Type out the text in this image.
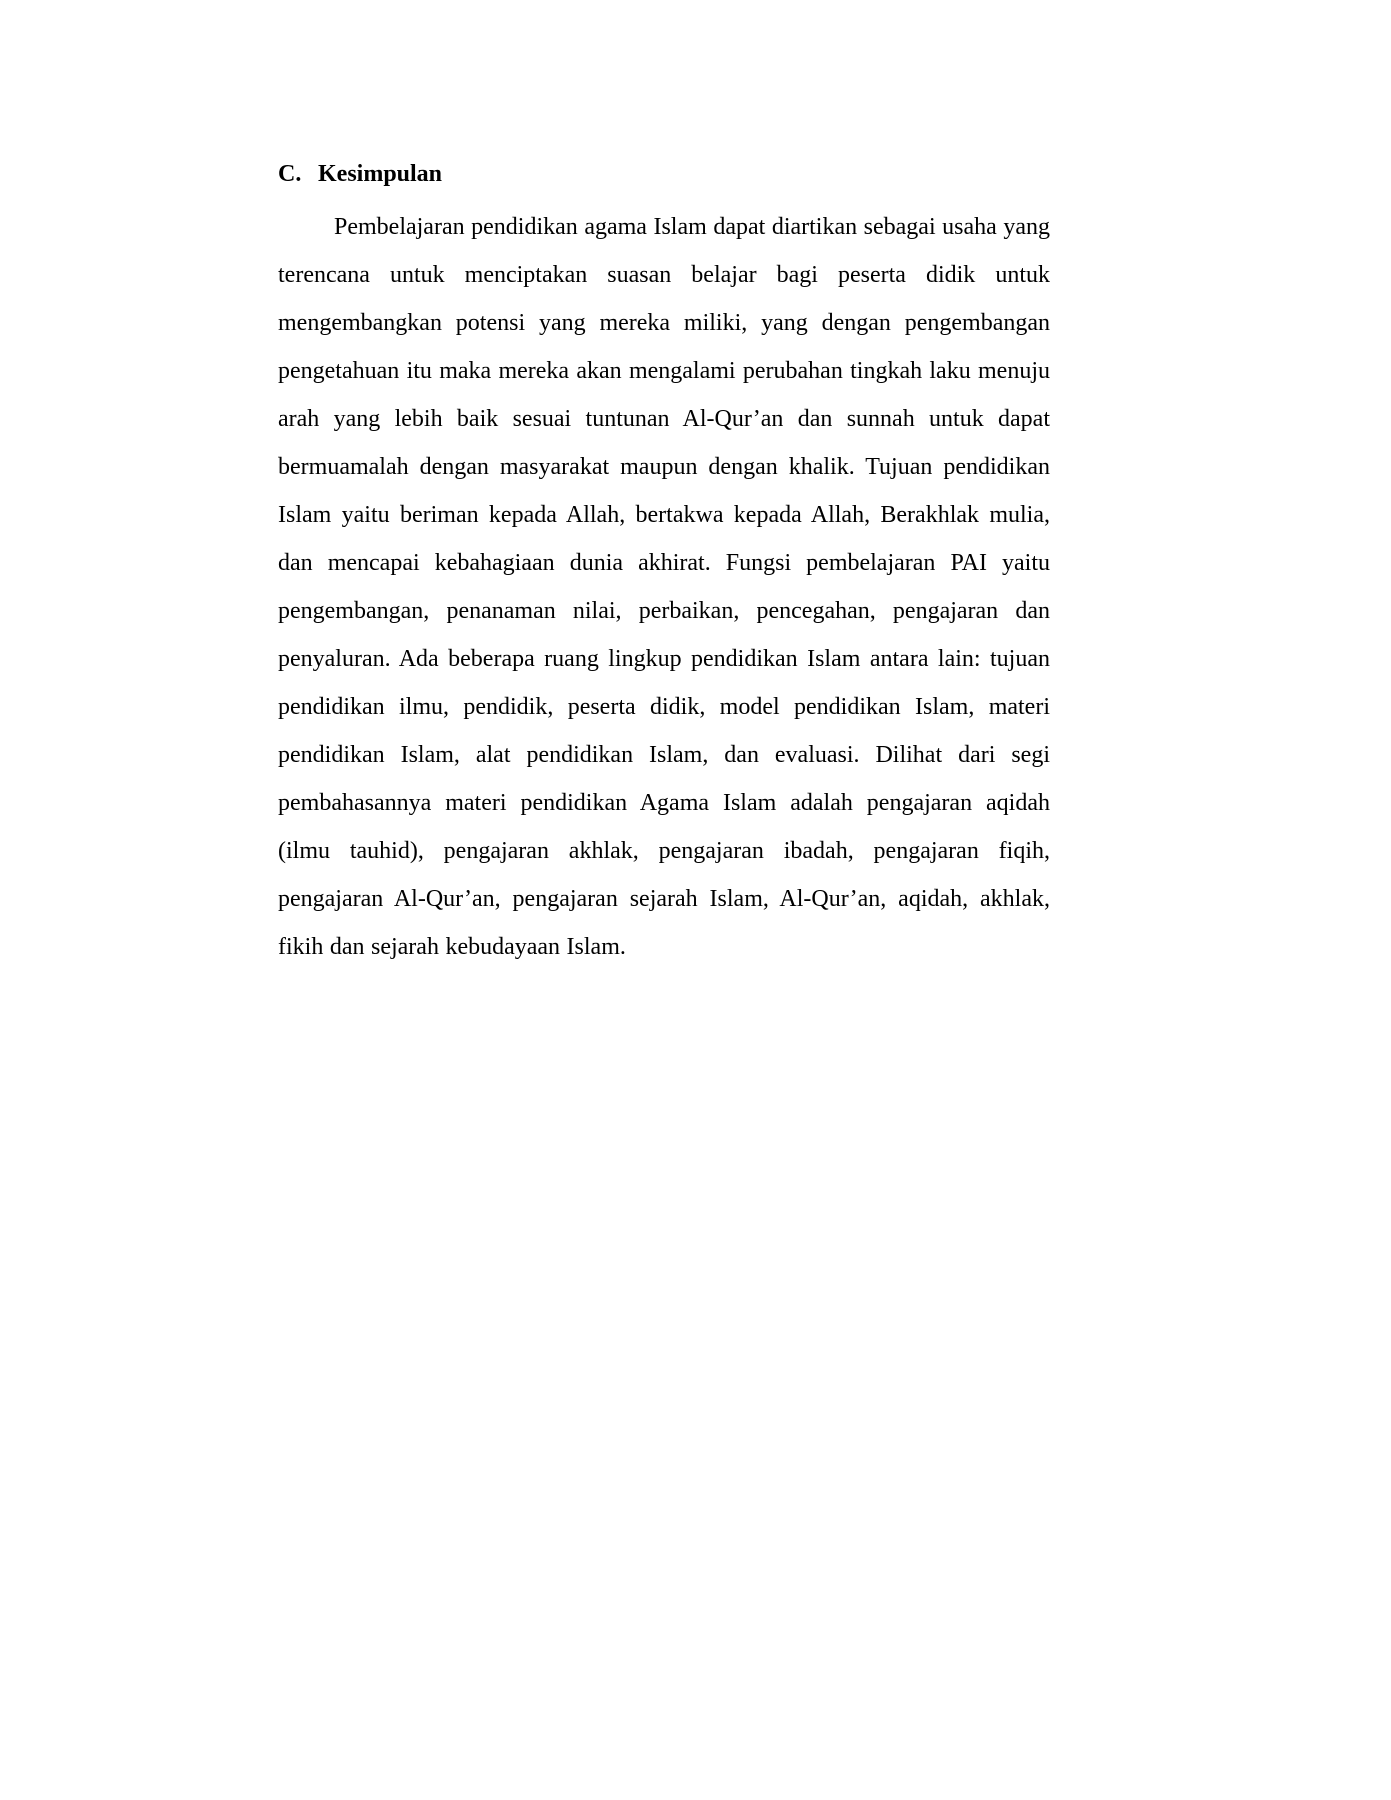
C. Kesimpulan

Pembelajaran pendidikan agama Islam dapat diartikan sebagai usaha yang terencana untuk menciptakan suasan belajar bagi peserta didik untuk mengembangkan potensi yang mereka miliki, yang dengan pengembangan pengetahuan itu maka mereka akan mengalami perubahan tingkah laku menuju arah yang lebih baik sesuai tuntunan Al-Qur’an dan sunnah untuk dapat bermuamalah dengan masyarakat maupun dengan khalik. Tujuan pendidikan Islam yaitu beriman kepada Allah, bertakwa kepada Allah, Berakhlak mulia, dan mencapai kebahagiaan dunia akhirat. Fungsi pembelajaran PAI yaitu pengembangan, penanaman nilai, perbaikan, pencegahan, pengajaran dan penyaluran. Ada beberapa ruang lingkup pendidikan Islam antara lain: tujuan pendidikan ilmu, pendidik, peserta didik, model pendidikan Islam, materi pendidikan Islam, alat pendidikan Islam, dan evaluasi. Dilihat dari segi pembahasannya materi pendidikan Agama Islam adalah pengajaran aqidah (ilmu tauhid), pengajaran akhlak, pengajaran ibadah, pengajaran fiqih, pengajaran Al-Qur’an, pengajaran sejarah Islam, Al-Qur’an, aqidah, akhlak, fikih dan sejarah kebudayaan Islam.
